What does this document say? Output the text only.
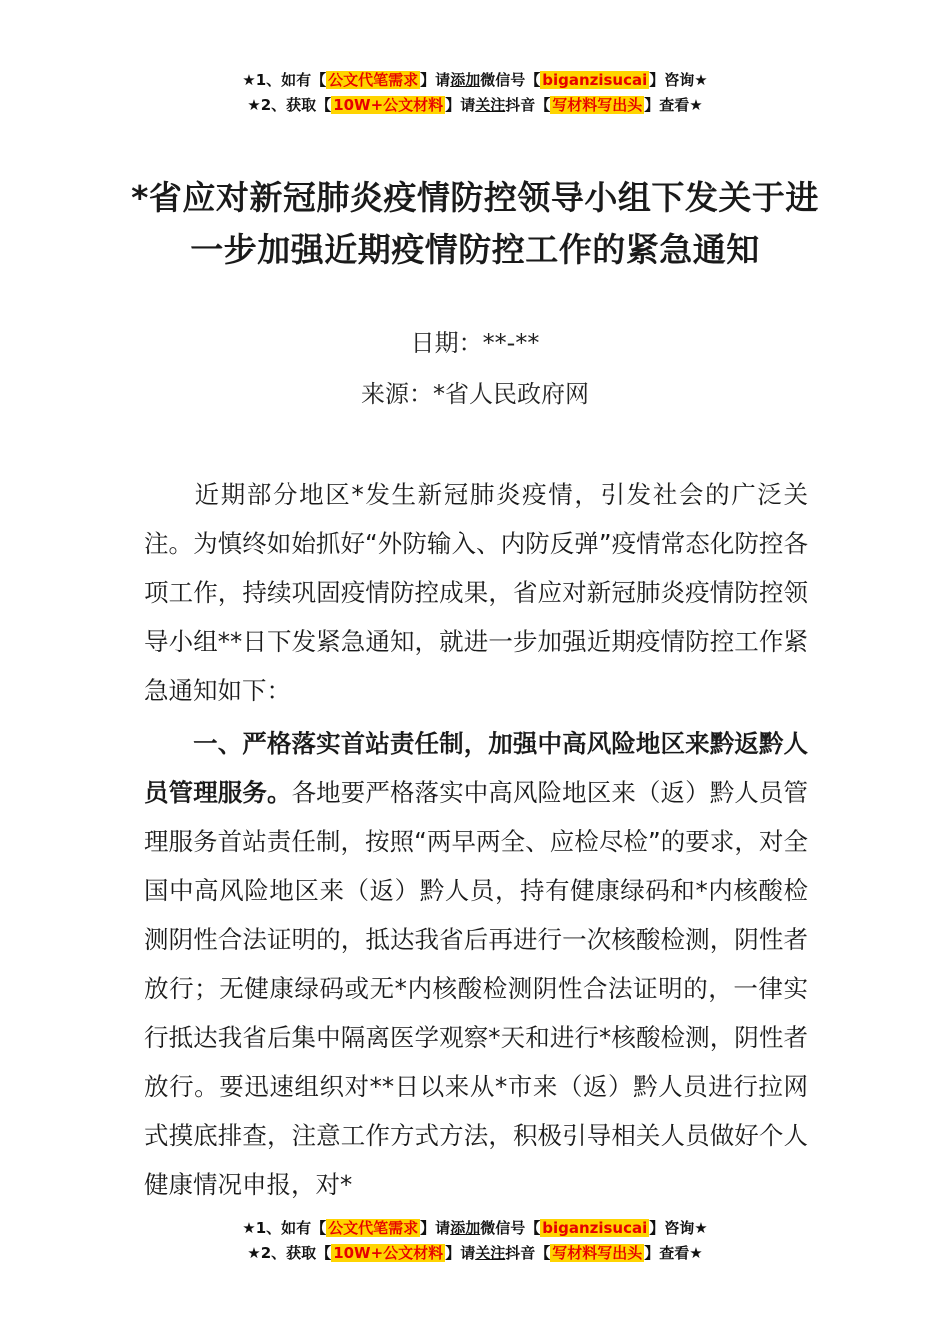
★1、如有【 公文代笔需求 】请添加微信号【 biganzisucai 】咨询★
★2、获取【 10W+公文材料 】请关注抖音【 写材料写出头 】查看★
*省应对新冠肺炎疫情防控领导小组下发关于进一步加强近期疫情防控工作的紧急通知
日期：**-**
来源：*省人民政府网
近期部分地区*发生新冠肺炎疫情，引发社会的广泛关注。为慎终如始抓好“外防输入、内防反弹”疫情常态化防控各项工作，持续巩固疫情防控成果，省应对新冠肺炎疫情防控领导小组**日下发紧急通知，就进一步加强近期疫情防控工作紧急通知如下：
一、严格落实首站责任制，加强中高风险地区来黔返黔人员管理服务。各地要严格落实中高风险地区来（返）黔人员管理服务首站责任制，按照“两早两全、应检尽检”的要求，对全国中高风险地区来（返）黔人员，持有健康绿码和*内核酸检测阴性合法证明的，抵达我省后再进行一次核酸检测，阴性者放行；无健康绿码或无*内核酸检测阴性合法证明的，一律实行抵达我省后集中隔离医学观察*天和进行*核酸检测，阴性者放行。要迅速组织对**日以来从*市来（返）黔人员进行拉网式摸底排查，注意工作方式方法，积极引导相关人员做好个人健康情况申报，对*
★1、如有【 公文代笔需求 】请添加微信号【 biganzisucai 】咨询★
★2、获取【 10W+公文材料 】请关注抖音【 写材料写出头 】查看★
